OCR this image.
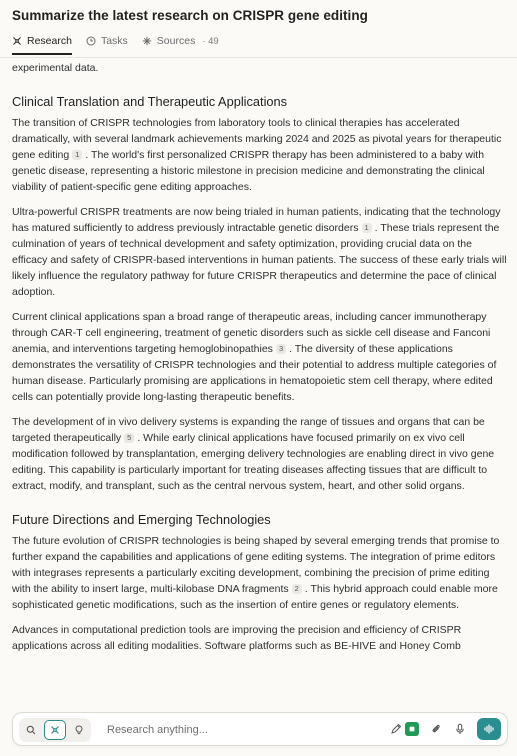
Summarize the latest research on CRISPR gene editing
Research	Tasks	Sources · 49

experimental data.

Clinical Translation and Therapeutic Applications

The transition of CRISPR technologies from laboratory tools to clinical therapies has accelerated dramatically, with several landmark achievements marking 2024 and 2025 as pivotal years for therapeutic gene editing 1 . The world's first personalized CRISPR therapy has been administered to a baby with genetic disease, representing a historic milestone in precision medicine and demonstrating the clinical viability of patient-specific gene editing approaches.

Ultra-powerful CRISPR treatments are now being trialed in human patients, indicating that the technology has matured sufficiently to address previously intractable genetic disorders 1 . These trials represent the culmination of years of technical development and safety optimization, providing crucial data on the efficacy and safety of CRISPR-based interventions in human patients. The success of these early trials will likely influence the regulatory pathway for future CRISPR therapeutics and determine the pace of clinical adoption.

Current clinical applications span a broad range of therapeutic areas, including cancer immunotherapy through CAR-T cell engineering, treatment of genetic disorders such as sickle cell disease and Fanconi anemia, and interventions targeting hemoglobinopathies 3 . The diversity of these applications demonstrates the versatility of CRISPR technologies and their potential to address multiple categories of human disease. Particularly promising are applications in hematopoietic stem cell therapy, where edited cells can potentially provide long-lasting therapeutic benefits.

The development of in vivo delivery systems is expanding the range of tissues and organs that can be targeted therapeutically 5 . While early clinical applications have focused primarily on ex vivo cell modification followed by transplantation, emerging delivery technologies are enabling direct in vivo gene editing. This capability is particularly important for treating diseases affecting tissues that are difficult to extract, modify, and transplant, such as the central nervous system, heart, and other solid organs.

Future Directions and Emerging Technologies

The future evolution of CRISPR technologies is being shaped by several emerging trends that promise to further expand the capabilities and applications of gene editing systems. The integration of prime editors with integrases represents a particularly exciting development, combining the precision of prime editing with the ability to insert large, multi-kilobase DNA fragments 2 . This hybrid approach could enable more sophisticated genetic modifications, such as the insertion of entire genes or regulatory elements.

Advances in computational prediction tools are improving the precision and efficiency of CRISPR applications across all editing modalities. Software platforms such as BE-HIVE and Honey Comb

Research anything...
